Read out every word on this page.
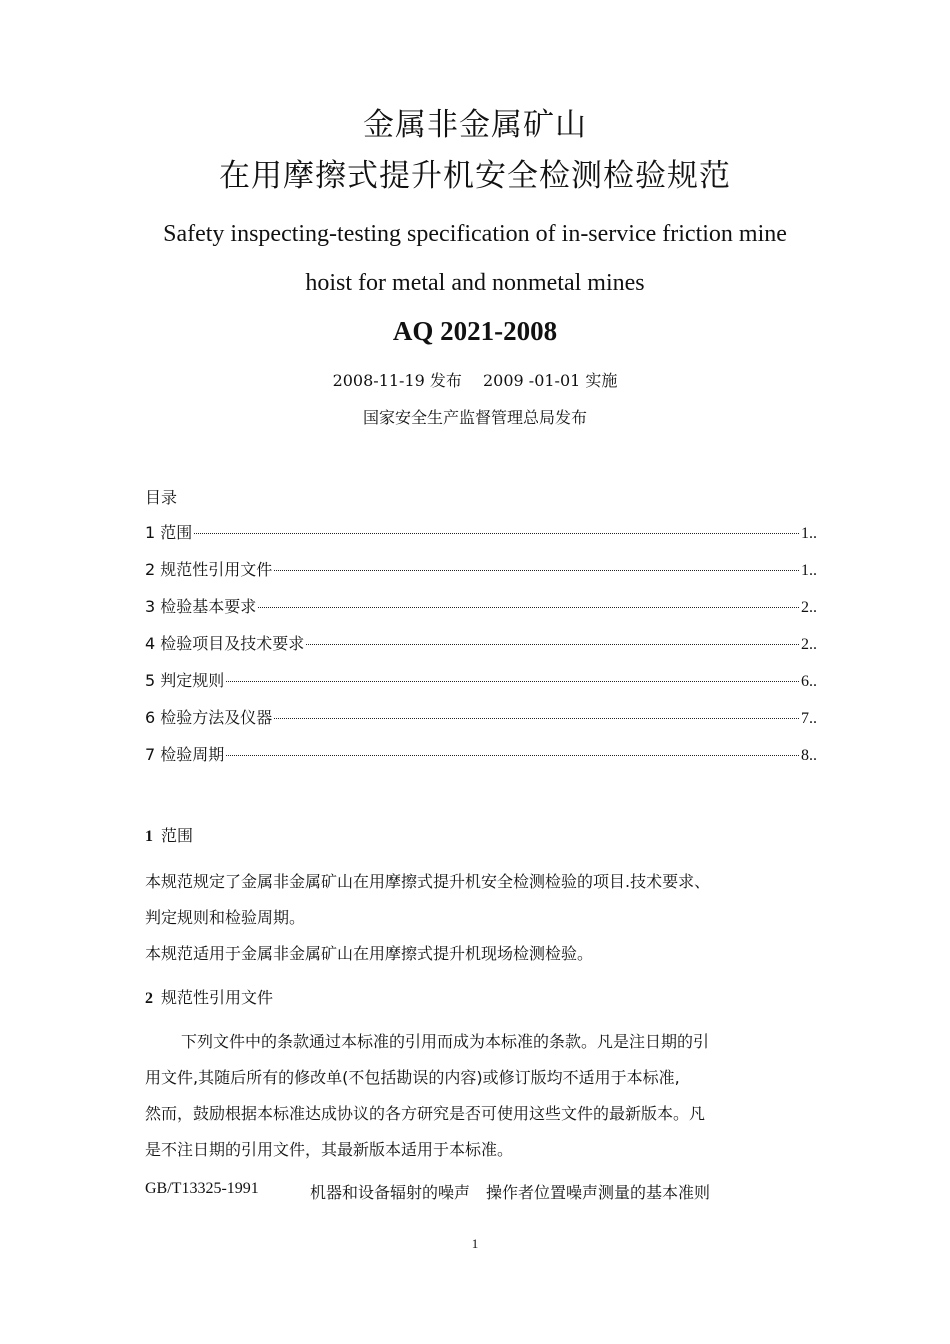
金属非金属矿山
在用摩擦式提升机安全检测检验规范
Safety inspecting-testing specification of in-service friction mine
hoist for metal and nonmetal mines
AQ 2021-2008
2008-11-19 发布　 2009 -01-01 实施
国家安全生产监督管理总局发布
目录
1 范围	1..
2 规范性引用文件	1..
3 检验基本要求	2..
4 检验项目及技术要求	2..
5 判定规则	6..
6 检验方法及仪器	7..
7 检验周期	8..
1 范围
本规范规定了金属非金属矿山在用摩擦式提升机安全检测检验的项目.技术要求、
判定规则和检验周期。
本规范适用于金属非金属矿山在用摩擦式提升机现场检测检验。
2 规范性引用文件
下列文件中的条款通过本标准的引用而成为本标准的条款。凡是注日期的引
用文件,其随后所有的修改单(不包括勘误的内容)或修订版均不适用于本标准,
然而，鼓励根据本标准达成协议的各方研究是否可使用这些文件的最新版本。凡
是不注日期的引用文件，其最新版本适用于本标准。
GB/T13325-1991	机器和设备辐射的噪声　操作者位置噪声测量的基本准则
1
